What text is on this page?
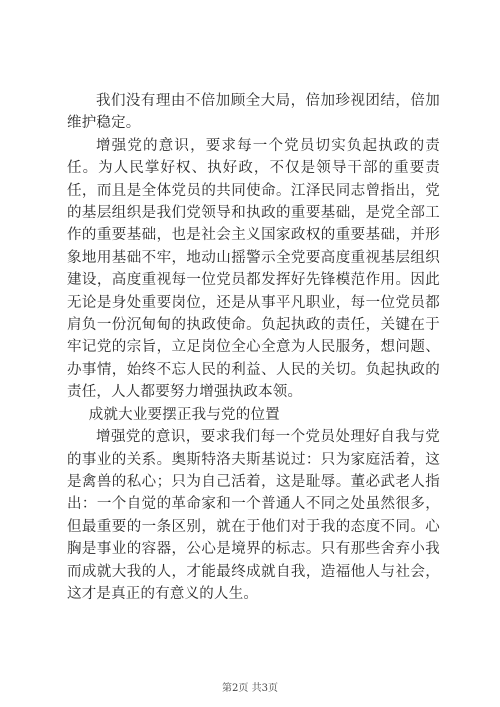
我们没有理由不倍加顾全大局，倍加珍视团结，倍加维护稳定。

增强党的意识，要求每一个党员切实负起执政的责任。为人民掌好权、执好政，不仅是领导干部的重要责任，而且是全体党员的共同使命。江泽民同志曾指出，党的基层组织是我们党领导和执政的重要基础，是党全部工作的重要基础，也是社会主义国家政权的重要基础，并形象地用基础不牢，地动山摇警示全党要高度重视基层组织建设，高度重视每一位党员都发挥好先锋模范作用。因此无论是身处重要岗位，还是从事平凡职业，每一位党员都肩负一份沉甸甸的执政使命。负起执政的责任，关键在于牢记党的宗旨，立足岗位全心全意为人民服务，想问题、办事情，始终不忘人民的利益、人民的关切。负起执政的责任，人人都要努力增强执政本领。

成就大业要摆正我与党的位置

增强党的意识，要求我们每一个党员处理好自我与党的事业的关系。奥斯特洛夫斯基说过：只为家庭活着，这是禽兽的私心；只为自己活着，这是耻辱。董必武老人指出：一个自觉的革命家和一个普通人不同之处虽然很多，但最重要的一条区别，就在于他们对于我的态度不同。心胸是事业的容器，公心是境界的标志。只有那些舍弃小我而成就大我的人，才能最终成就自我，造福他人与社会，这才是真正的有意义的人生。

第2页 共3页
